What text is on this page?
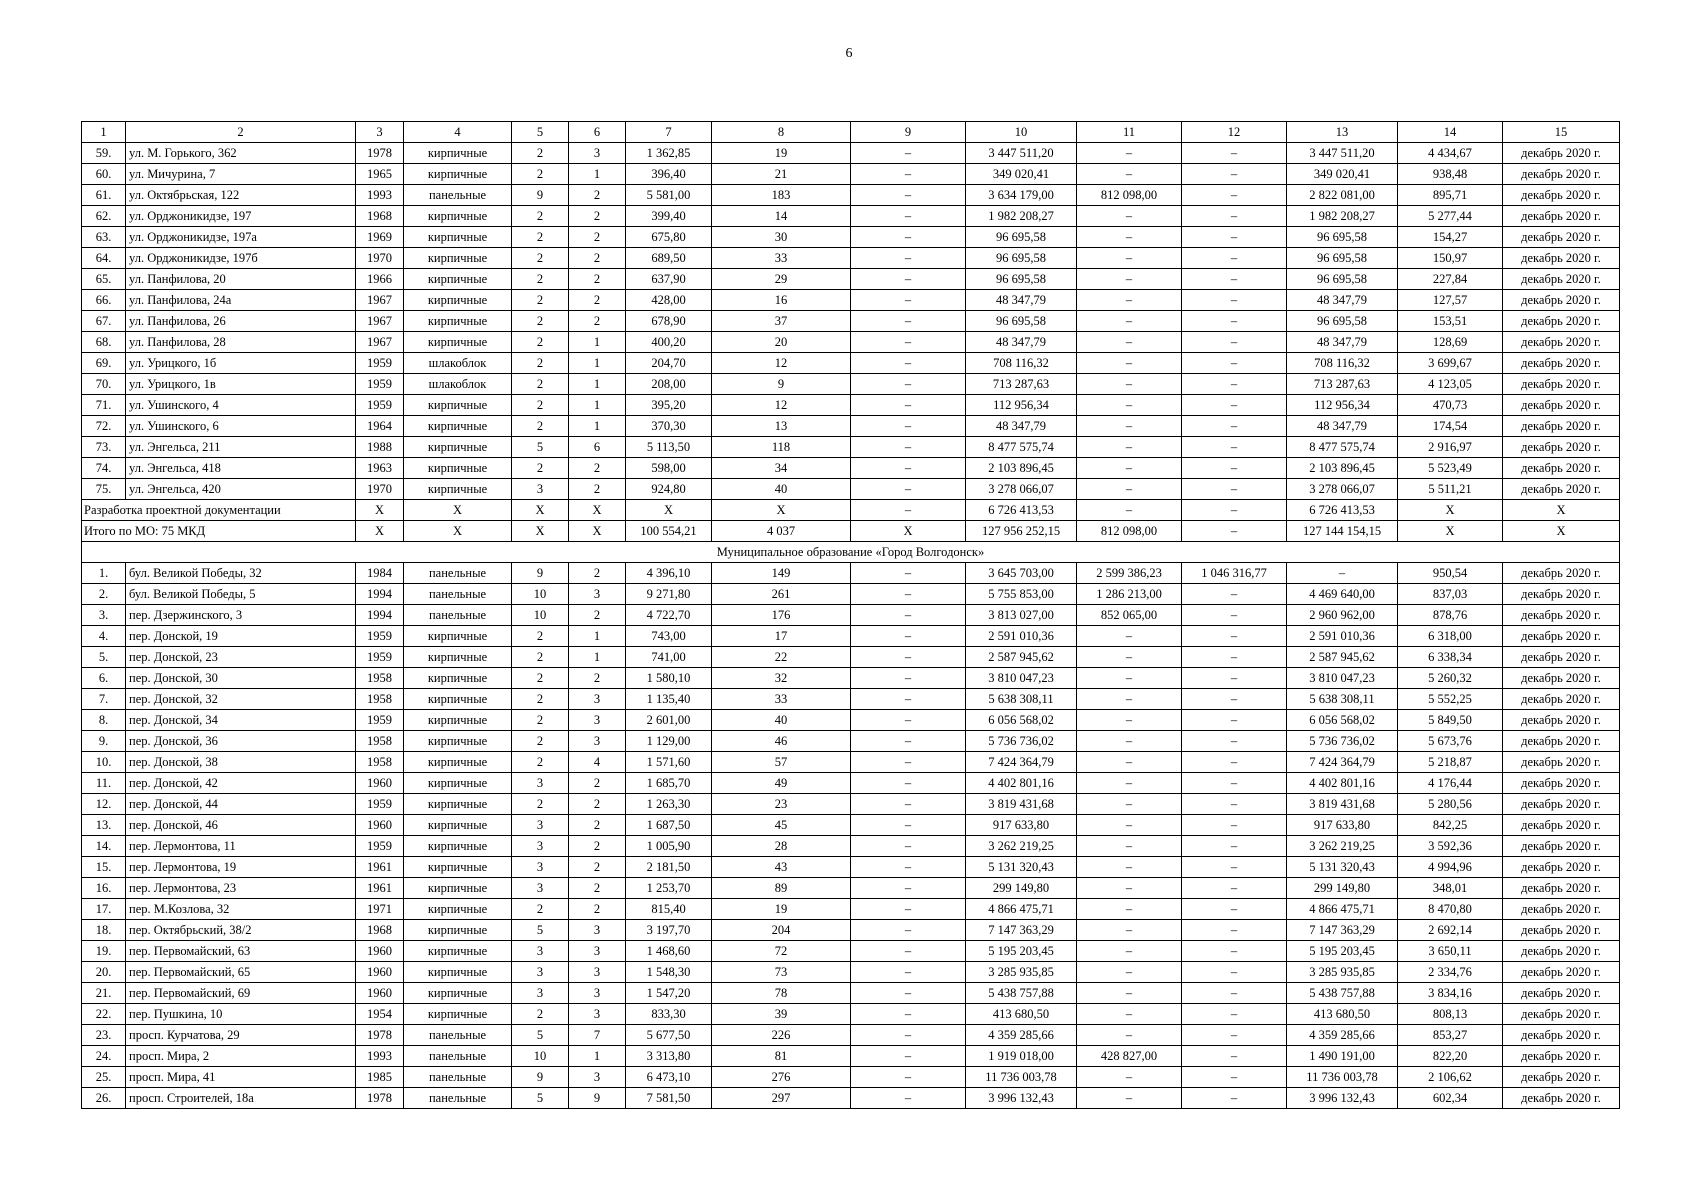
6
1	2	3	4	5	6	7	8	9	10	11	12	13	14	15
59.	ул. М. Горького, 362	1978	кирпичные	2	3	1 362,85	19	–	3 447 511,20	–	–	3 447 511,20	4 434,67	декабрь 2020 г.
60.	ул. Мичурина, 7	1965	кирпичные	2	1	396,40	21	–	349 020,41	–	–	349 020,41	938,48	декабрь 2020 г.
61.	ул. Октябрьская, 122	1993	панельные	9	2	5 581,00	183	–	3 634 179,00	812 098,00	–	2 822 081,00	895,71	декабрь 2020 г.
62.	ул. Орджоникидзе, 197	1968	кирпичные	2	2	399,40	14	–	1 982 208,27	–	–	1 982 208,27	5 277,44	декабрь 2020 г.
63.	ул. Орджоникидзе, 197а	1969	кирпичные	2	2	675,80	30	–	96 695,58	–	–	96 695,58	154,27	декабрь 2020 г.
64.	ул. Орджоникидзе, 197б	1970	кирпичные	2	2	689,50	33	–	96 695,58	–	–	96 695,58	150,97	декабрь 2020 г.
65.	ул. Панфилова, 20	1966	кирпичные	2	2	637,90	29	–	96 695,58	–	–	96 695,58	227,84	декабрь 2020 г.
66.	ул. Панфилова, 24а	1967	кирпичные	2	2	428,00	16	–	48 347,79	–	–	48 347,79	127,57	декабрь 2020 г.
67.	ул. Панфилова, 26	1967	кирпичные	2	2	678,90	37	–	96 695,58	–	–	96 695,58	153,51	декабрь 2020 г.
68.	ул. Панфилова, 28	1967	кирпичные	2	1	400,20	20	–	48 347,79	–	–	48 347,79	128,69	декабрь 2020 г.
69.	ул. Урицкого, 1б	1959	шлакоблок	2	1	204,70	12	–	708 116,32	–	–	708 116,32	3 699,67	декабрь 2020 г.
70.	ул. Урицкого, 1в	1959	шлакоблок	2	1	208,00	9	–	713 287,63	–	–	713 287,63	4 123,05	декабрь 2020 г.
71.	ул. Ушинского, 4	1959	кирпичные	2	1	395,20	12	–	112 956,34	–	–	112 956,34	470,73	декабрь 2020 г.
72.	ул. Ушинского, 6	1964	кирпичные	2	1	370,30	13	–	48 347,79	–	–	48 347,79	174,54	декабрь 2020 г.
73.	ул. Энгельса, 211	1988	кирпичные	5	6	5 113,50	118	–	8 477 575,74	–	–	8 477 575,74	2 916,97	декабрь 2020 г.
74.	ул. Энгельса, 418	1963	кирпичные	2	2	598,00	34	–	2 103 896,45	–	–	2 103 896,45	5 523,49	декабрь 2020 г.
75.	ул. Энгельса, 420	1970	кирпичные	3	2	924,80	40	–	3 278 066,07	–	–	3 278 066,07	5 511,21	декабрь 2020 г.
Разработка проектной документации		X	X	X	X	X	X	–	6 726 413,53	–	–	6 726 413,53	X	X
Итого по МО: 75 МКД		X	X	X	X	100 554,21	4 037	X	127 956 252,15	812 098,00	–	127 144 154,15	X	X
Муниципальное образование «Город Волгодонск»														
1.	бул. Великой Победы, 32	1984	панельные	9	2	4 396,10	149	–	3 645 703,00	2 599 386,23	1 046 316,77	–	950,54	декабрь 2020 г.
2.	бул. Великой Победы, 5	1994	панельные	10	3	9 271,80	261	–	5 755 853,00	1 286 213,00	–	4 469 640,00	837,03	декабрь 2020 г.
3.	пер. Дзержинского, 3	1994	панельные	10	2	4 722,70	176	–	3 813 027,00	852 065,00	–	2 960 962,00	878,76	декабрь 2020 г.
4.	пер. Донской, 19	1959	кирпичные	2	1	743,00	17	–	2 591 010,36	–	–	2 591 010,36	6 318,00	декабрь 2020 г.
5.	пер. Донской, 23	1959	кирпичные	2	1	741,00	22	–	2 587 945,62	–	–	2 587 945,62	6 338,34	декабрь 2020 г.
6.	пер. Донской, 30	1958	кирпичные	2	2	1 580,10	32	–	3 810 047,23	–	–	3 810 047,23	5 260,32	декабрь 2020 г.
7.	пер. Донской, 32	1958	кирпичные	2	3	1 135,40	33	–	5 638 308,11	–	–	5 638 308,11	5 552,25	декабрь 2020 г.
8.	пер. Донской, 34	1959	кирпичные	2	3	2 601,00	40	–	6 056 568,02	–	–	6 056 568,02	5 849,50	декабрь 2020 г.
9.	пер. Донской, 36	1958	кирпичные	2	3	1 129,00	46	–	5 736 736,02	–	–	5 736 736,02	5 673,76	декабрь 2020 г.
10.	пер. Донской, 38	1958	кирпичные	2	4	1 571,60	57	–	7 424 364,79	–	–	7 424 364,79	5 218,87	декабрь 2020 г.
11.	пер. Донской, 42	1960	кирпичные	3	2	1 685,70	49	–	4 402 801,16	–	–	4 402 801,16	4 176,44	декабрь 2020 г.
12.	пер. Донской, 44	1959	кирпичные	2	2	1 263,30	23	–	3 819 431,68	–	–	3 819 431,68	5 280,56	декабрь 2020 г.
13.	пер. Донской, 46	1960	кирпичные	3	2	1 687,50	45	–	917 633,80	–	–	917 633,80	842,25	декабрь 2020 г.
14.	пер. Лермонтова, 11	1959	кирпичные	3	2	1 005,90	28	–	3 262 219,25	–	–	3 262 219,25	3 592,36	декабрь 2020 г.
15.	пер. Лермонтова, 19	1961	кирпичные	3	2	2 181,50	43	–	5 131 320,43	–	–	5 131 320,43	4 994,96	декабрь 2020 г.
16.	пер. Лермонтова, 23	1961	кирпичные	3	2	1 253,70	89	–	299 149,80	–	–	299 149,80	348,01	декабрь 2020 г.
17.	пер. М.Козлова, 32	1971	кирпичные	2	2	815,40	19	–	4 866 475,71	–	–	4 866 475,71	8 470,80	декабрь 2020 г.
18.	пер. Октябрьский, 38/2	1968	кирпичные	5	3	3 197,70	204	–	7 147 363,29	–	–	7 147 363,29	2 692,14	декабрь 2020 г.
19.	пер. Первомайский, 63	1960	кирпичные	3	3	1 468,60	72	–	5 195 203,45	–	–	5 195 203,45	3 650,11	декабрь 2020 г.
20.	пер. Первомайский, 65	1960	кирпичные	3	3	1 548,30	73	–	3 285 935,85	–	–	3 285 935,85	2 334,76	декабрь 2020 г.
21.	пер. Первомайский, 69	1960	кирпичные	3	3	1 547,20	78	–	5 438 757,88	–	–	5 438 757,88	3 834,16	декабрь 2020 г.
22.	пер. Пушкина, 10	1954	кирпичные	2	3	833,30	39	–	413 680,50	–	–	413 680,50	808,13	декабрь 2020 г.
23.	просп. Курчатова, 29	1978	панельные	5	7	5 677,50	226	–	4 359 285,66	–	–	4 359 285,66	853,27	декабрь 2020 г.
24.	просп. Мира, 2	1993	панельные	10	1	3 313,80	81	–	1 919 018,00	428 827,00	–	1 490 191,00	822,20	декабрь 2020 г.
25.	просп. Мира, 41	1985	панельные	9	3	6 473,10	276	–	11 736 003,78	–	–	11 736 003,78	2 106,62	декабрь 2020 г.
26.	просп. Строителей, 18а	1978	панельные	5	9	7 581,50	297	–	3 996 132,43	–	–	3 996 132,43	602,34	декабрь 2020 г.
